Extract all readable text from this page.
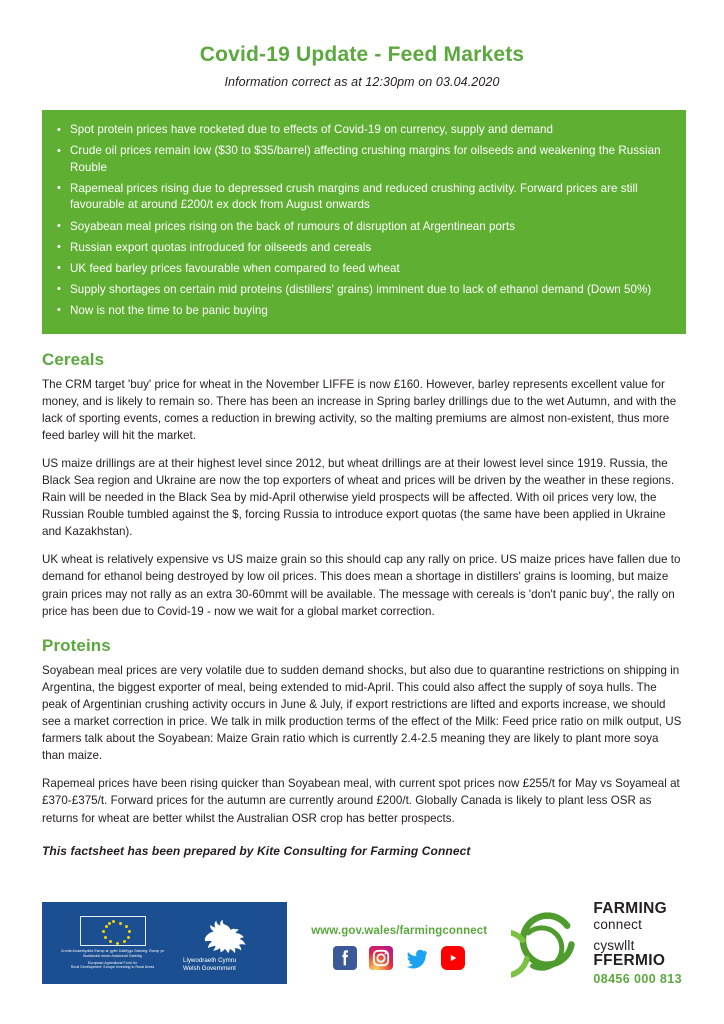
Covid-19 Update - Feed Markets

Information correct as at 12:30pm on 03.04.2020

• Spot protein prices have rocketed due to effects of Covid-19 on currency, supply and demand
• Crude oil prices remain low ($30 to $35/barrel) affecting crushing margins for oilseeds and weakening the Russian Rouble
• Rapemeal prices rising due to depressed crush margins and reduced crushing activity. Forward prices are still favourable at around £200/t ex dock from August onwards
• Soyabean meal prices rising on the back of rumours of disruption at Argentinean ports
• Russian export quotas introduced for oilseeds and cereals
• UK feed barley prices favourable when compared to feed wheat
• Supply shortages on certain mid proteins (distillers' grains) imminent due to lack of ethanol demand (Down 50%)
• Now is not the time to be panic buying
Cereals

The CRM target 'buy' price for wheat in the November LIFFE is now £160. However, barley represents excellent value for money, and is likely to remain so. There has been an increase in Spring barley drillings due to the wet Autumn, and with the lack of sporting events, comes a reduction in brewing activity, so the malting premiums are almost non-existent, thus more feed barley will hit the market.

US maize drillings are at their highest level since 2012, but wheat drillings are at their lowest level since 1919. Russia, the Black Sea region and Ukraine are now the top exporters of wheat and prices will be driven by the weather in these regions. Rain will be needed in the Black Sea by mid-April otherwise yield prospects will be affected. With oil prices very low, the Russian Rouble tumbled against the $, forcing Russia to introduce export quotas (the same have been applied in Ukraine and Kazakhstan).

UK wheat is relatively expensive vs US maize grain so this should cap any rally on price. US maize prices have fallen due to demand for ethanol being destroyed by low oil prices. This does mean a shortage in distillers' grains is looming, but maize grain prices may not rally as an extra 30-60mmt will be available. The message with cereals is 'don't panic buy', the rally on price has been due to Covid-19 - now we wait for a global market correction.

Proteins

Soyabean meal prices are very volatile due to sudden demand shocks, but also due to quarantine restrictions on shipping in Argentina, the biggest exporter of meal, being extended to mid-April. This could also affect the supply of soya hulls. The peak of Argentinian crushing activity occurs in June & July, if export restrictions are lifted and exports increase, we should see a market correction in price. We talk in milk production terms of the effect of the Milk: Feed price ratio on milk output, US farmers talk about the Soyabean: Maize Grain ratio which is currently 2.4-2.5 meaning they are likely to plant more soya than maize.

Rapemeal prices have been rising quicker than Soyabean meal, with current spot prices now £255/t for May vs Soyameal at £370-£375/t. Forward prices for the autumn are currently around £200/t. Globally Canada is likely to plant less OSR as returns for wheat are better whilst the Australian OSR crop has better prospects.

This factsheet has been prepared by Kite Consulting for Farming Connect

Cronfa Amaethyddol Ewrop ar gyfer Datblygu Gwledig: Ewrop yn Buddsoddi mewn Ardaloedd Gwledig
European Agricultural Fund for
Rural Development: Europe Investing in Rural Areas
Llywodraeth Cymru
Welsh Government
www.gov.wales/farmingconnect
FARMING
connect
cyswllt
FFERMIO
08456 000 813
